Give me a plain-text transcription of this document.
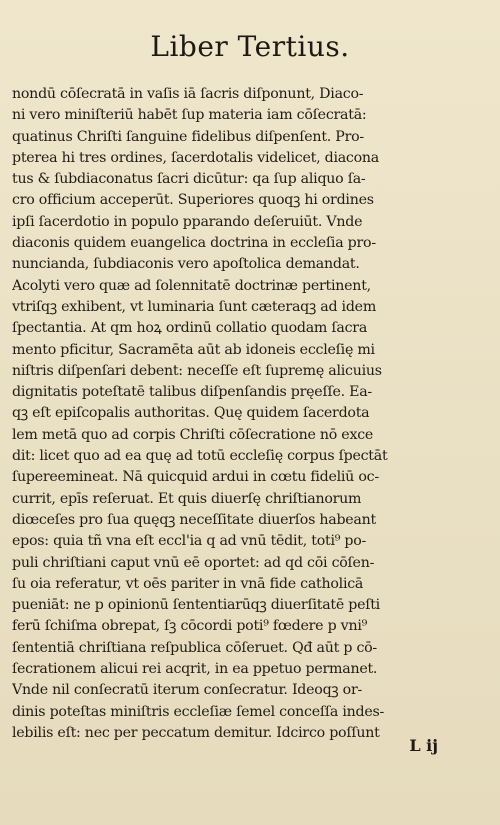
Liber Tertius.
nondū cōſecratā in vaſis iā ſacris diſponunt, Diaco-
ni vero miniſteriū habēt ſup materia iam cōſecratā:
quatinus Chriſti ſanguine fidelibus diſpenſent. Pro-
pterea hi tres ordines, ſacerdotalis videlicet, diacona
tus & ſubdiaconatus ſacri dicūtur: qa ſup aliquo ſa-
cro officium acceperūt. Superiores quoqꝫ hi ordines
ipſi ſacerdotio in populo pparando deſeruiūt. Vnde
diaconis quidem euangelica doctrina in eccleſia pro-
nuncianda, ſubdiaconis vero apoſtolica demandat.
Acolyti vero quæ ad ſolennitatē doctrinæ pertinent,
vtriſqꝫ exhibent, vt luminaria ſunt cæteraqꝫ ad idem
ſpectantia. At qm hoꝝ ordinū collatio quodam ſacra
mento pficitur, Sacramēta aūt ab idoneis eccleſię mi
niſtris diſpenſari debent: neceſſe eſt ſupremę alicuius
dignitatis poteſtatē talibus diſpenſandis pręeſſe. Ea-
qꝫ eſt epiſcopalis authoritas. Quę quidem ſacerdota
lem metā quo ad corpis Chriſti cōſecratione nō exce
dit: licet quo ad ea quę ad totū eccleſię corpus ſpectāt
ſupereemineat. Nā quicquid ardui in cœtu fideliū oc-
currit, epīs reſeruat. Et quis diuerſę chriſtianorum
diœceſes pro ſua quęqꝫ neceſſitate diuerſos habeant
epos: quia tñ vna eſt eccl'ia q ad vnū tēdit, toti⁹ po-
puli chriſtiani caput vnū eē oportet: ad qd cōi cōſen-
ſu oia referatur, vt oēs pariter in vnā fide catholicā
pueniāt: ne p opinionū ſententiarūqꝫ diuerſitatē peſti
ferū ſchiſma obrepat, ſꝫ cōcordi poti⁹ fœdere p vni⁹
ſententiā chriſtiana reſpublica cōſeruet. Qđ aūt p cō-
ſecrationem alicui rei acqrit, in ea ppetuo permanet.
Vnde nil conſecratū iterum conſecratur. Ideoqꝫ or-
dinis poteſtas miniſtris eccleſiæ ſemel conceſſa indes-
lebilis eſt: nec per peccatum demitur. Idcirco poſſunt
L ij
